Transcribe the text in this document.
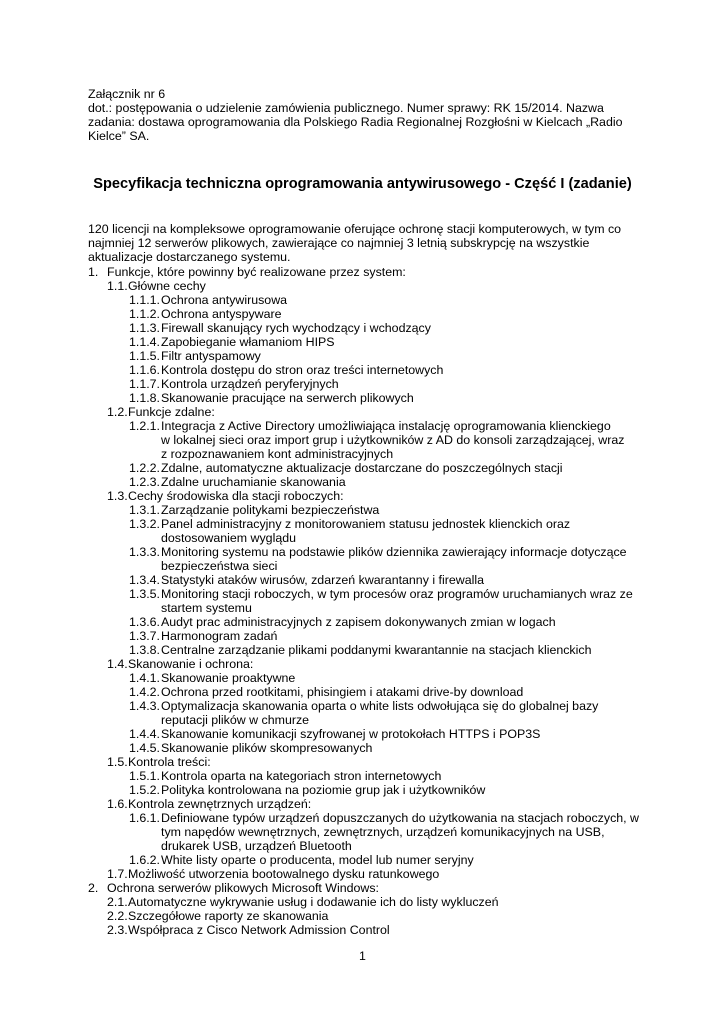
Załącznik nr 6
dot.: postępowania o udzielenie zamówienia publicznego. Numer sprawy: RK 15/2014. Nazwa
zadania: dostawa oprogramowania dla Polskiego Radia Regionalnej Rozgłośni w Kielcach „Radio
Kielce” SA.
Specyfikacja techniczna oprogramowania antywirusowego - Część I (zadanie)
120 licencji na kompleksowe oprogramowanie oferujące ochronę stacji komputerowych, w tym co
najmniej 12 serwerów plikowych, zawierające co najmniej 3 letnią subskrypcję na wszystkie
aktualizacje dostarczanego systemu.
1. Funkcje, które powinny być realizowane przez system:
1.1. Główne cechy
1.1.1. Ochrona antywirusowa
1.1.2. Ochrona antyspyware
1.1.3. Firewall skanujący rych wychodzący i wchodzący
1.1.4. Zapobieganie włamaniom HIPS
1.1.5. Filtr antyspamowy
1.1.6. Kontrola dostępu do stron oraz treści internetowych
1.1.7. Kontrola urządzeń peryferyjnych
1.1.8. Skanowanie pracujące na serwerch plikowych
1.2. Funkcje zdalne:
1.2.1. Integracja z Active Directory umożliwiająca instalację oprogramowania klienckiego
w lokalnej sieci oraz import grup i użytkowników z AD do konsoli zarządzającej, wraz
z rozpoznawaniem kont administracyjnych
1.2.2. Zdalne, automatyczne aktualizacje dostarczane do poszczególnych stacji
1.2.3. Zdalne uruchamianie skanowania
1.3. Cechy środowiska dla stacji roboczych:
1.3.1. Zarządzanie politykami bezpieczeństwa
1.3.2. Panel administracyjny z monitorowaniem statusu jednostek klienckich oraz
dostosowaniem wyglądu
1.3.3. Monitoring systemu na podstawie plików dziennika zawierający informacje dotyczące
bezpieczeństwa sieci
1.3.4. Statystyki ataków wirusów, zdarzeń kwarantanny i firewalla
1.3.5. Monitoring stacji roboczych, w tym procesów oraz programów uruchamianych wraz ze
startem systemu
1.3.6. Audyt prac administracyjnych z zapisem dokonywanych zmian w logach
1.3.7. Harmonogram zadań
1.3.8. Centralne zarządzanie plikami poddanymi kwarantannie na stacjach klienckich
1.4. Skanowanie i ochrona:
1.4.1. Skanowanie proaktywne
1.4.2. Ochrona przed rootkitami, phisingiem i atakami drive-by download
1.4.3. Optymalizacja skanowania oparta o white lists odwołująca się do globalnej bazy
reputacji plików w chmurze
1.4.4. Skanowanie komunikacji szyfrowanej w protokołach HTTPS i POP3S
1.4.5. Skanowanie plików skompresowanych
1.5. Kontrola treści:
1.5.1. Kontrola oparta na kategoriach stron internetowych
1.5.2. Polityka kontrolowana na poziomie grup jak i użytkowników
1.6. Kontrola zewnętrznych urządzeń:
1.6.1. Definiowane typów urządzeń dopuszczanych do użytkowania na stacjach roboczych, w
tym napędów wewnętrznych, zewnętrznych, urządzeń komunikacyjnych na USB,
drukarek USB, urządzeń Bluetooth
1.6.2. White listy oparte o producenta, model lub numer seryjny
1.7. Możliwość utworzenia bootowalnego dysku ratunkowego
2. Ochrona serwerów plikowych Microsoft Windows:
2.1. Automatyczne wykrywanie usług i dodawanie ich do listy wykluczeń
2.2. Szczegółowe raporty ze skanowania
2.3. Współpraca z Cisco Network Admission Control
1
